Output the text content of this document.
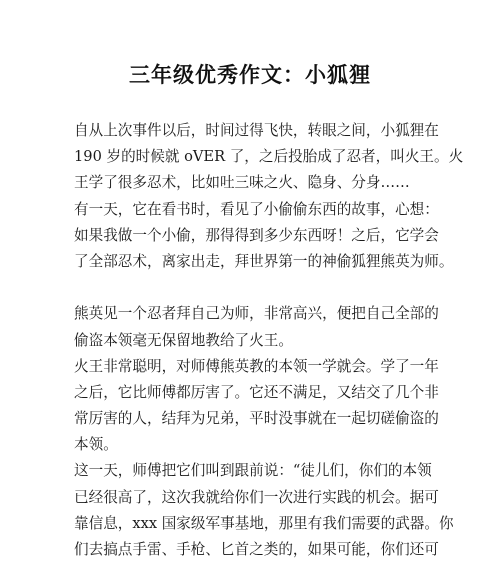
三年级优秀作文：小狐狸
自从上次事件以后，时间过得飞快，转眼之间，小狐狸在
190 岁的时候就 oVER 了，之后投胎成了忍者，叫火王。火
王学了很多忍术，比如吐三味之火、隐身、分身……
有一天，它在看书时，看见了小偷偷东西的故事，心想：
如果我做一个小偷，那得得到多少东西呀！之后，它学会
了全部忍术，离家出走，拜世界第一的神偷狐狸熊英为师。
熊英见一个忍者拜自己为师，非常高兴，便把自己全部的
偷盗本领毫无保留地教给了火王。
火王非常聪明，对师傅熊英教的本领一学就会。学了一年
之后，它比师傅都厉害了。它还不满足，又结交了几个非
常厉害的人，结拜为兄弟，平时没事就在一起切磋偷盗的
本领。
这一天，师傅把它们叫到跟前说：“徒儿们，你们的本领
已经很高了，这次我就给你们一次进行实践的机会。据可
靠信息，xxx 国家级军事基地，那里有我们需要的武器。你
们去搞点手雷、手枪、匕首之类的，如果可能，你们还可
